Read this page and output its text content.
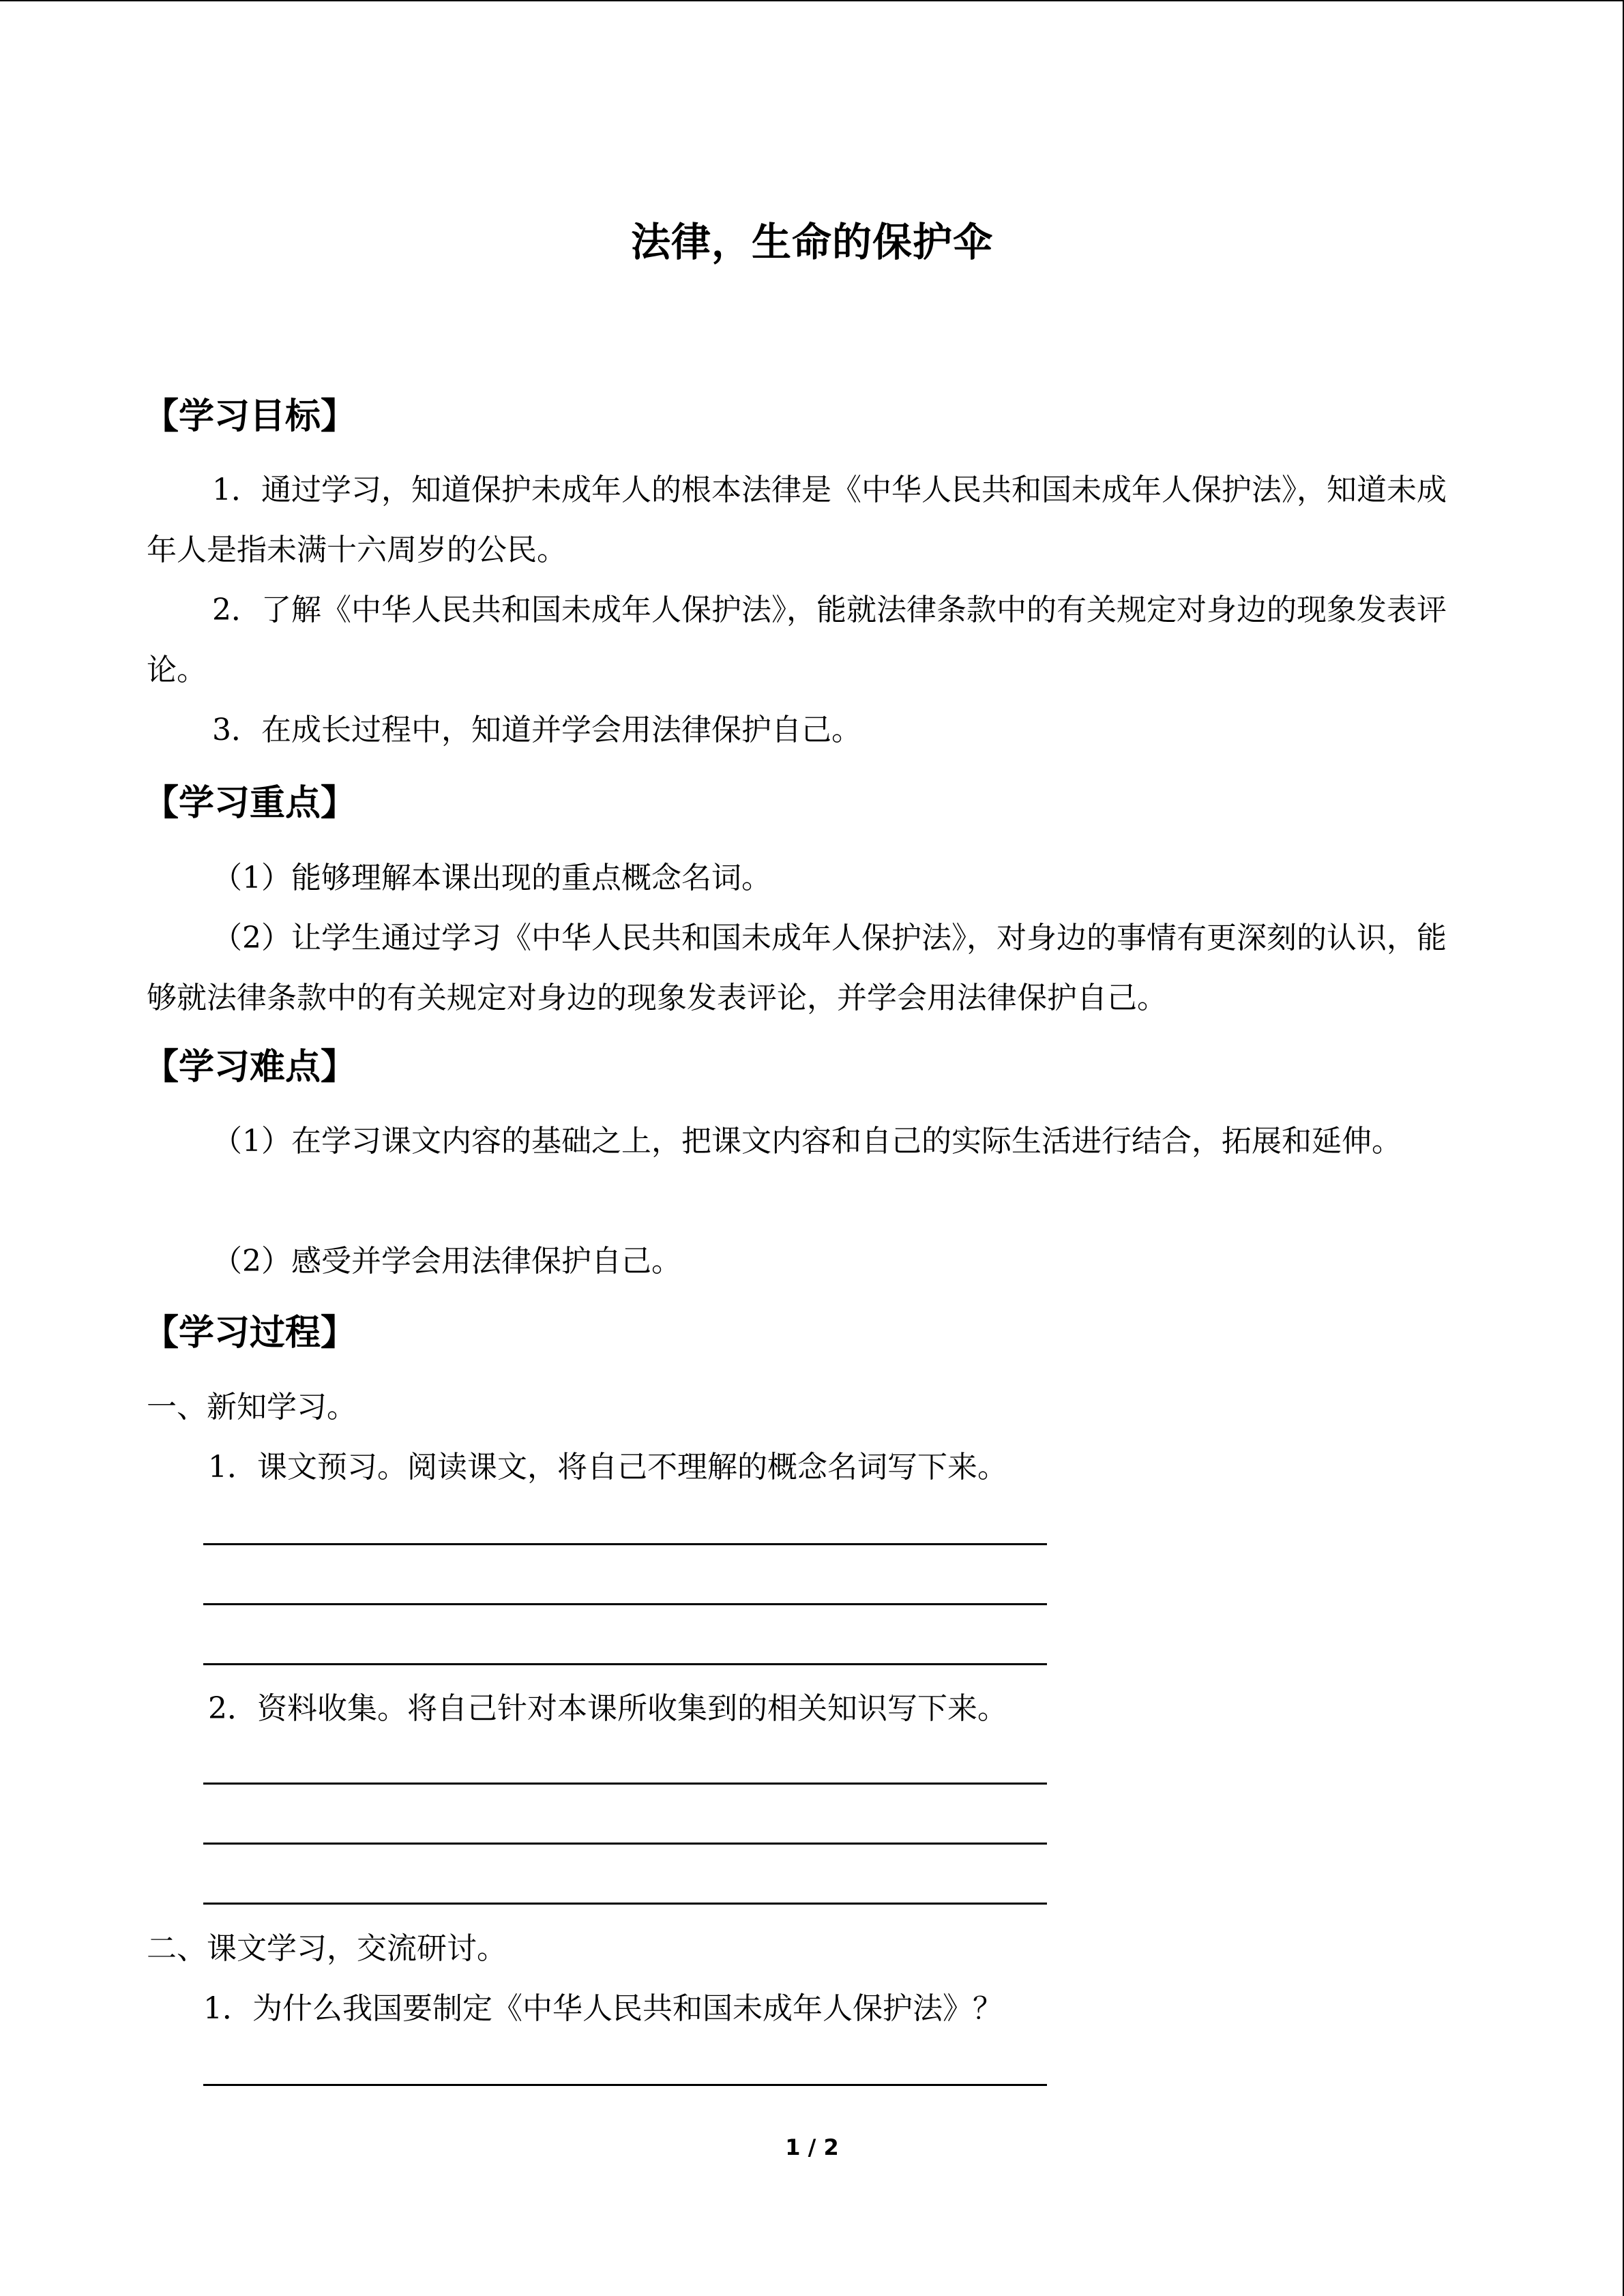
法律，生命的保护伞
【学习目标】
1．通过学习，知道保护未成年人的根本法律是《中华人民共和国未成年人保护法》，知道未成年人是指未满十六周岁的公民。
2．了解《中华人民共和国未成年人保护法》，能就法律条款中的有关规定对身边的现象发表评论。
3．在成长过程中，知道并学会用法律保护自己。
【学习重点】
（1）能够理解本课出现的重点概念名词。
（2）让学生通过学习《中华人民共和国未成年人保护法》，对身边的事情有更深刻的认识，能够就法律条款中的有关规定对身边的现象发表评论，并学会用法律保护自己。
【学习难点】
（1）在学习课文内容的基础之上，把课文内容和自己的实际生活进行结合，拓展和延伸。
（2）感受并学会用法律保护自己。
【学习过程】
一、新知学习。
1．课文预习。阅读课文，将自己不理解的概念名词写下来。
2．资料收集。将自己针对本课所收集到的相关知识写下来。
二、课文学习，交流研讨。
1．为什么我国要制定《中华人民共和国未成年人保护法》？
1 / 2
